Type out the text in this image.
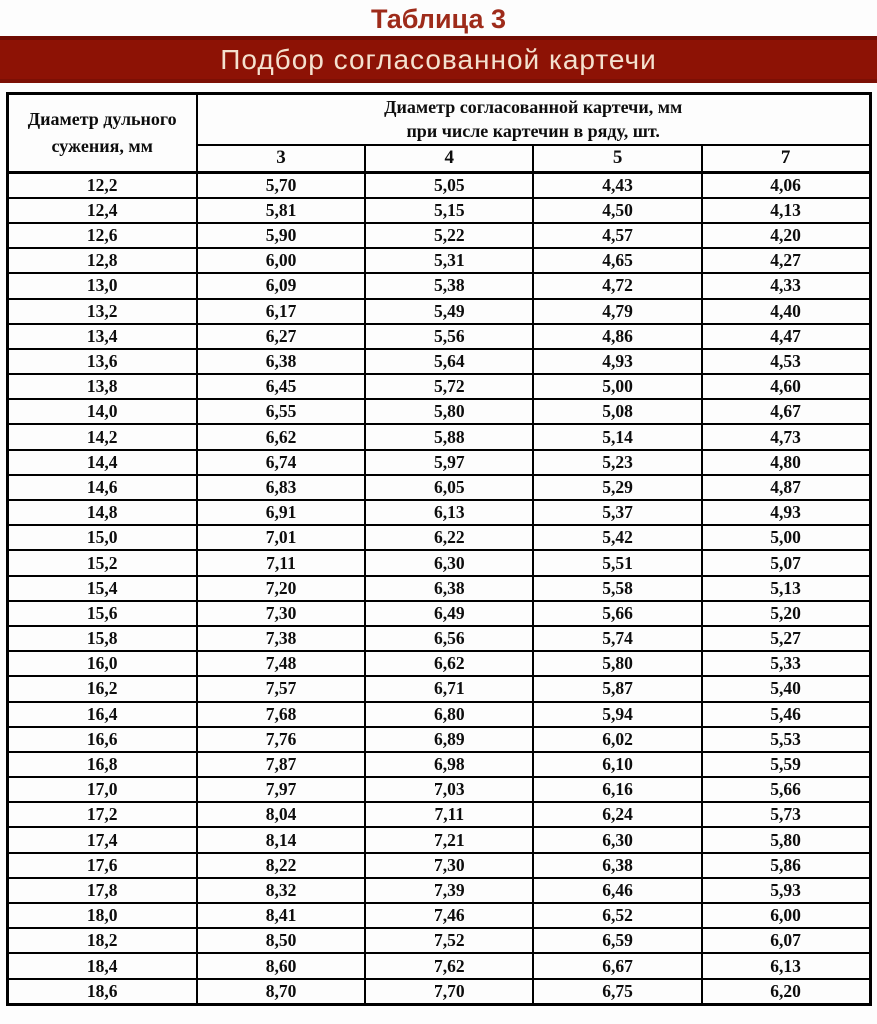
Таблица 3
Подбор согласованной картечи
Диаметр дульного сужения, мм	Диаметр согласованной картечи, мм
при числе картечин в ряду, шт.			

	3	4	5	7
12,2	5,70	5,05	4,43	4,06
12,4	5,81	5,15	4,50	4,13
12,6	5,90	5,22	4,57	4,20
12,8	6,00	5,31	4,65	4,27
13,0	6,09	5,38	4,72	4,33
13,2	6,17	5,49	4,79	4,40
13,4	6,27	5,56	4,86	4,47
13,6	6,38	5,64	4,93	4,53
13,8	6,45	5,72	5,00	4,60
14,0	6,55	5,80	5,08	4,67
14,2	6,62	5,88	5,14	4,73
14,4	6,74	5,97	5,23	4,80
14,6	6,83	6,05	5,29	4,87
14,8	6,91	6,13	5,37	4,93
15,0	7,01	6,22	5,42	5,00
15,2	7,11	6,30	5,51	5,07
15,4	7,20	6,38	5,58	5,13
15,6	7,30	6,49	5,66	5,20
15,8	7,38	6,56	5,74	5,27
16,0	7,48	6,62	5,80	5,33
16,2	7,57	6,71	5,87	5,40
16,4	7,68	6,80	5,94	5,46
16,6	7,76	6,89	6,02	5,53
16,8	7,87	6,98	6,10	5,59
17,0	7,97	7,03	6,16	5,66
17,2	8,04	7,11	6,24	5,73
17,4	8,14	7,21	6,30	5,80
17,6	8,22	7,30	6,38	5,86
17,8	8,32	7,39	6,46	5,93
18,0	8,41	7,46	6,52	6,00
18,2	8,50	7,52	6,59	6,07
18,4	8,60	7,62	6,67	6,13
18,6	8,70	7,70	6,75	6,20
